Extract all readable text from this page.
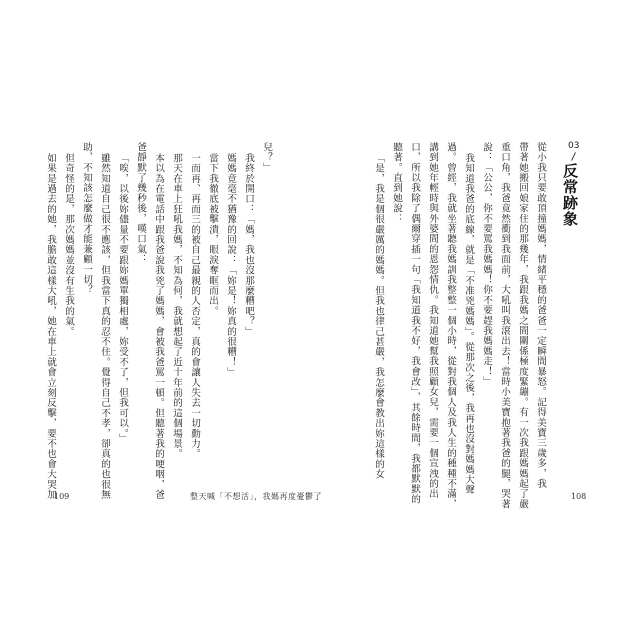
03
反常跡象
從小我只要敢頂撞媽媽，情緒平穩的爸爸一定瞬間暴怒。記得美寶三歲多，我
帶著她搬回娘家住的那幾年，我跟我媽之間關係極度緊繃。有一次我跟媽媽起了嚴
重口角，我爸竟然衝到我面前，大吼叫我滾出去！當時小美寶抱著我爸的腿，哭著
說：「公公，你不要罵我媽媽！你不要趕我媽媽走！」
我知道我爸的底線，就是「不准兇媽媽」。從那次之後，我再也沒對媽媽大聲
過。曾經，我就坐著聽我媽訓我整整一個小時，從對我個人及我人生的種種不滿，
講到她年輕時與外婆間的恩怨情仇。我知道她幫我照顧女兒，需要一個宣洩的出
口，所以我除了偶爾穿插一句「我知道我不好，我會改」，其餘時間，我都默默的
聽著。直到她說：
「是，我是個很嚴厲的媽媽。但我也律己甚嚴，我怎麼會教出妳這樣的女
108
兒？」
我終於開口：「媽，我也沒那麼糟吧？」
媽媽竟毫不猶豫的回說：「妳是！妳真的很糟！」
當下我徹底被擊潰，眼淚奪眶而出。
一而再、再而三的被自己最親的人否定，真的會讓人失去一切動力。
那天在車上狂吼我媽，不知為何，我就想起了近十年前的這個場景。
本以為在電話中跟我爸說我兇了媽媽，會被我爸罵一頓。但聽著我的哽咽，爸
爸靜默了幾秒後，嘆口氣：
「唉，以後妳儘量不要跟妳媽單獨相處，妳受不了，但我可以。」
雖然知道自己很不應該，但我當下真的忍不住。覺得自己不孝，卻真的也很無
助，不知該怎麼做才能兼顧一切？
但奇怪的是，那次媽媽並沒有生我的氣。
如果是過去的她，我膽敢這樣大吼，她在車上就會立刻反擊，要不也會大哭加
109	整天喊「不想活」，我媽再度憂鬱了
